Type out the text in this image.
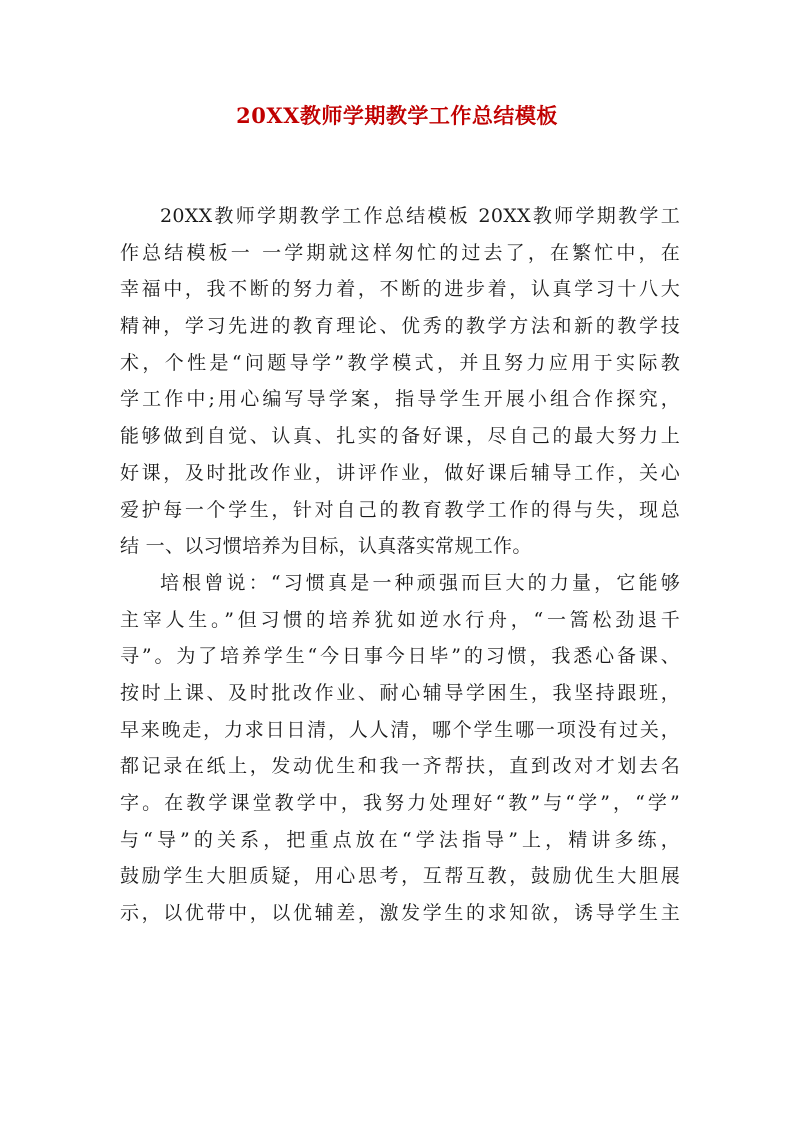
20XX教师学期教学工作总结模板
20XX教师学期教学工作总结模板 20XX教师学期教学工
作总结模板一 一学期就这样匆忙的过去了，在繁忙中，在
幸福中，我不断的努力着，不断的进步着，认真学习十八大
精神，学习先进的教育理论、优秀的教学方法和新的教学技
术，个性是“问题导学”教学模式，并且努力应用于实际教
学工作中;用心编写导学案，指导学生开展小组合作探究，
能够做到自觉、认真、扎实的备好课，尽自己的最大努力上
好课，及时批改作业，讲评作业，做好课后辅导工作，关心
爱护每一个学生，针对自己的教育教学工作的得与失，现总
结 一、以习惯培养为目标，认真落实常规工作。
培根曾说：“习惯真是一种顽强而巨大的力量，它能够
主宰人生。”但习惯的培养犹如逆水行舟，“一篙松劲退千
寻”。为了培养学生“今日事今日毕”的习惯，我悉心备课、
按时上课、及时批改作业、耐心辅导学困生，我坚持跟班，
早来晚走，力求日日清，人人清，哪个学生哪一项没有过关，
都记录在纸上，发动优生和我一齐帮扶，直到改对才划去名
字。在教学课堂教学中，我努力处理好“教”与“学”，“学”
与“导”的关系，把重点放在“学法指导”上，精讲多练，
鼓励学生大胆质疑，用心思考，互帮互教，鼓励优生大胆展
示，以优带中，以优辅差，激发学生的求知欲，诱导学生主
